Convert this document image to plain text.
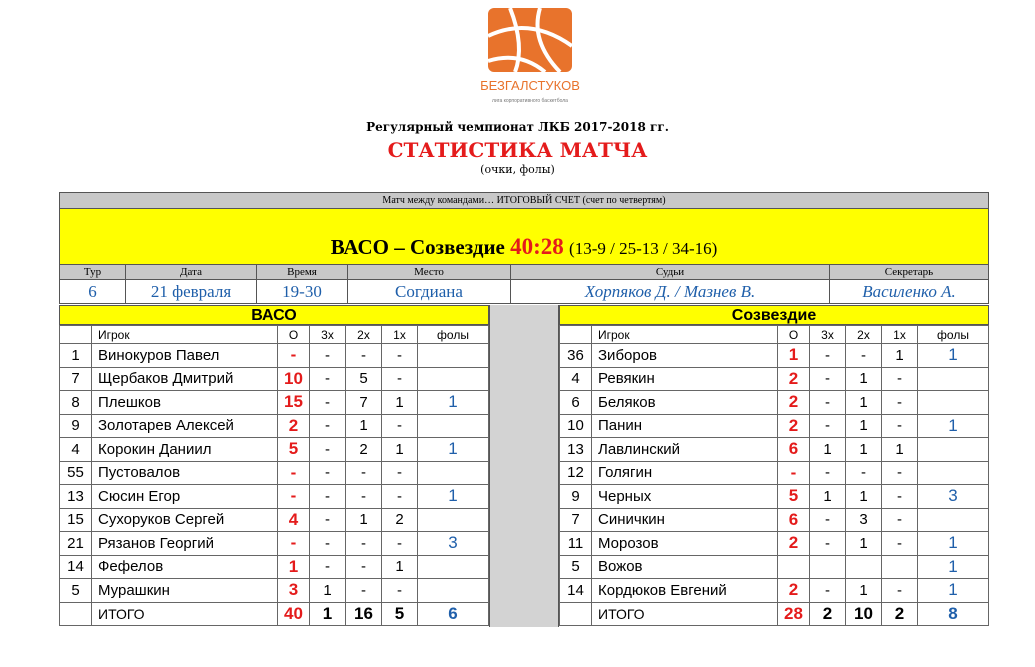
БЕЗГАЛСТУКОВ
лига корпоративного баскетбола
Регулярный чемпионат ЛКБ 2017-2018 гг.
СТАТИСТИКА МАТЧА
(очки, фолы)
Матч между командами… ИТОГОВЫЙ СЧЕТ (счет по четвертям)
ВАСО – Созвездие 40:28 (13-9 / 25-13 / 34-16)
Тур	Дата	Время	Место	Судьи	Секретарь
6	21 февраля	19-30	Согдиана	Хорпяков Д. / Мазнев В.	Василенко А.
ВАСО
	Игрок	О	3х	2х	1х	фолы
1	Винокуров Павел	-	-	-	-	
7	Щербаков Дмитрий	10	-	5	-	
8	Плешков	15	-	7	1	1
9	Золотарев Алексей	2	-	1	-	
4	Корокин Даниил	5	-	2	1	1
55	Пустовалов	-	-	-	-	
13	Сюсин Егор	-	-	-	-	1
15	Сухоруков Сергей	4	-	1	2	
21	Рязанов Георгий	-	-	-	-	3
14	Фефелов	1	-	-	1	
5	Мурашкин	3	1	-	-	
	ИТОГО	40	1	16	5	6
Созвездие
	Игрок	О	3х	2х	1х	фолы
36	Зиборов	1	-	-	1	1
4	Ревякин	2	-	1	-	
6	Беляков	2	-	1	-	
10	Панин	2	-	1	-	1
13	Лавлинский	6	1	1	1	
12	Голягин	-	-	-	-	
9	Черных	5	1	1	-	3
7	Синичкин	6	-	3	-	
11	Морозов	2	-	1	-	1
5	Вожов					1
14	Кордюков Евгений	2	-	1	-	1
	ИТОГО	28	2	10	2	8
